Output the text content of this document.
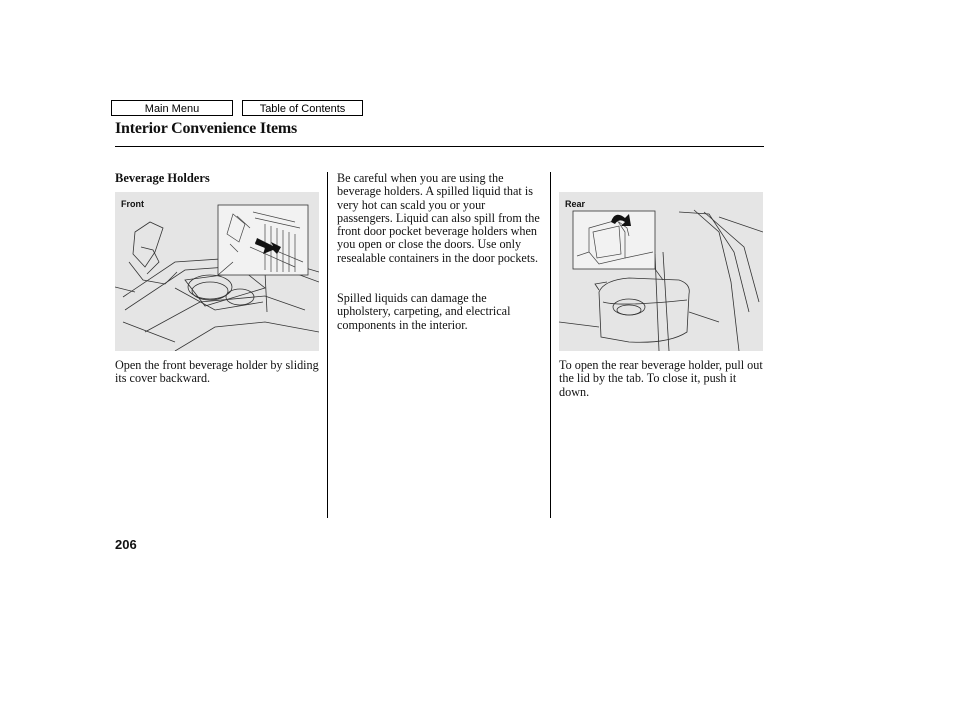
Main Menu	Table of Contents
Interior Convenience Items
Beverage Holders
Front

Open the front beverage holder by sliding its cover backward.

Be careful when you are using the beverage holders. A spilled liquid that is very hot can scald you or your passengers. Liquid can also spill from the front door pocket beverage holders when you open or close the doors. Use only resealable containers in the door pockets.

Spilled liquids can damage the upholstery, carpeting, and electrical components in the interior.

Rear

To open the rear beverage holder, pull out the lid by the tab. To close it, push it down.

206
